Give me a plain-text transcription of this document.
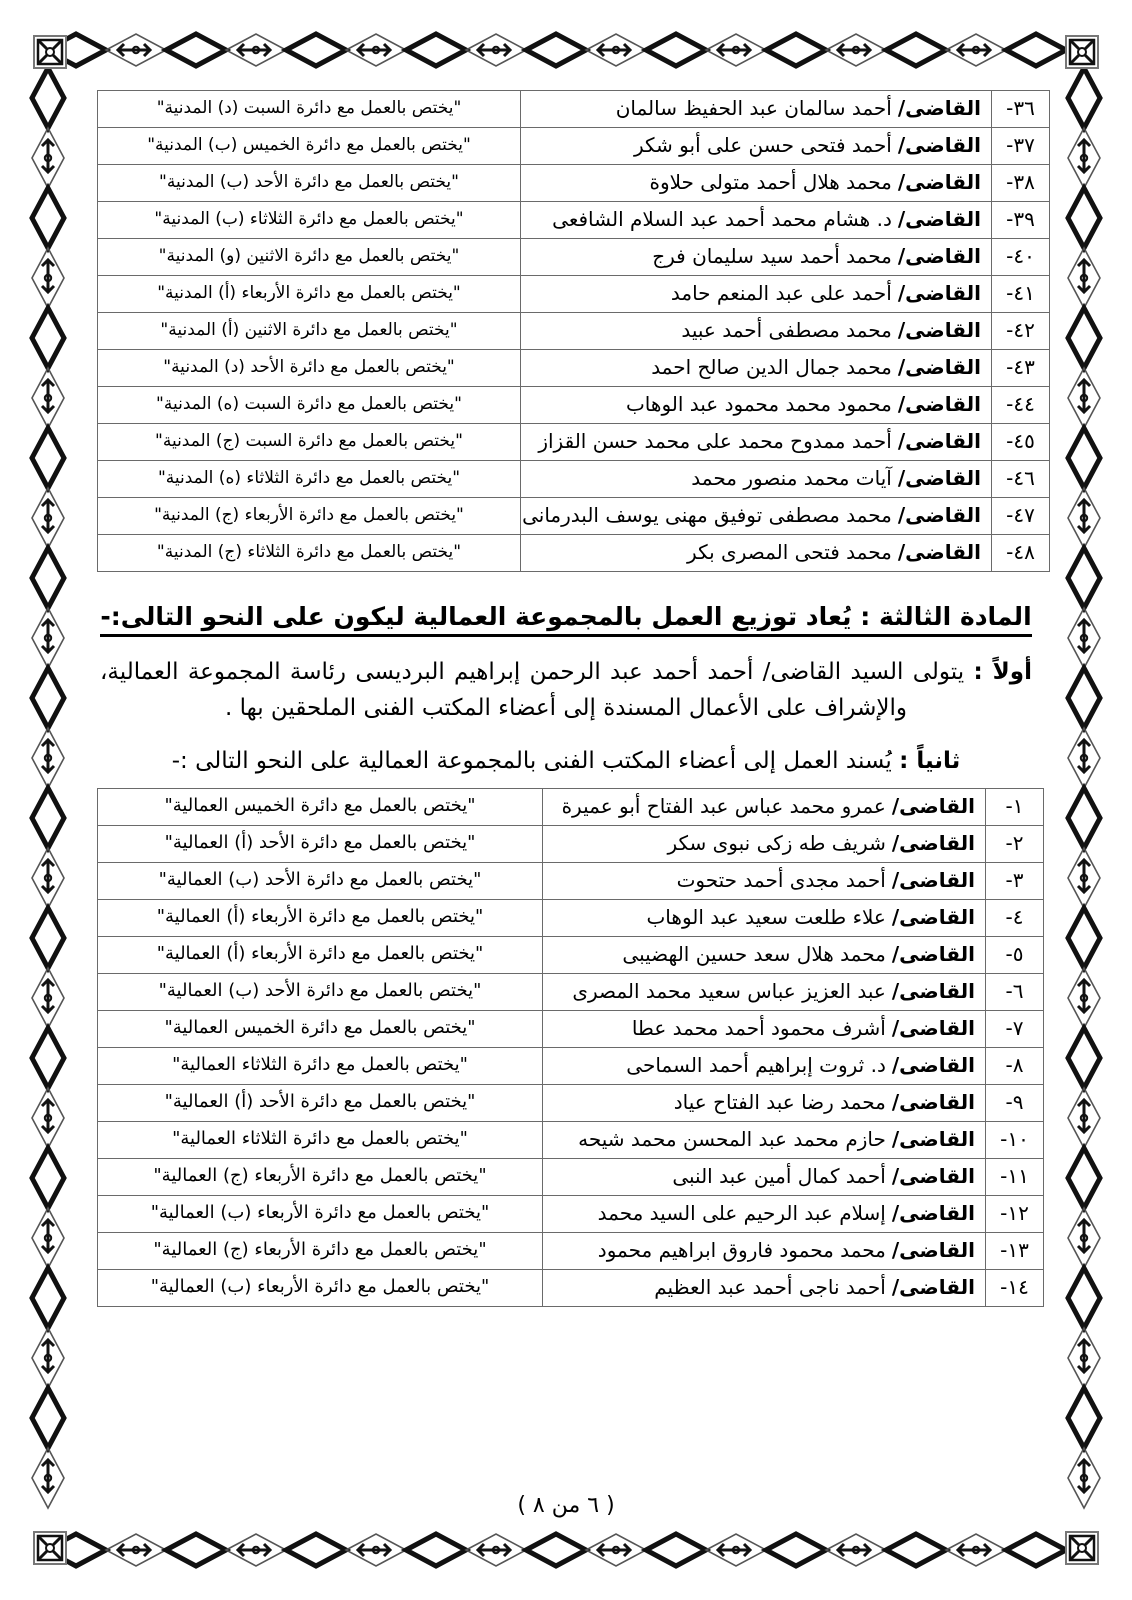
٣٦-	القاضى/أحمد سالمان عبد الحفيظ سالمان	"يختص بالعمل مع دائرة السبت (د) المدنية"
٣٧-	القاضى/أحمد فتحى حسن على أبو شكر	"يختص بالعمل مع دائرة الخميس (ب) المدنية"
٣٨-	القاضى/محمد هلال أحمد متولى حلاوة	"يختص بالعمل مع دائرة الأحد (ب) المدنية"
٣٩-	القاضى/د. هشام محمد أحمد عبد السلام الشافعى	"يختص بالعمل مع دائرة الثلاثاء (ب) المدنية"
٤٠-	القاضى/محمد أحمد سيد سليمان فرج	"يختص بالعمل مع دائرة الاثنين (و) المدنية"
٤١-	القاضى/أحمد على عبد المنعم حامد	"يختص بالعمل مع دائرة الأربعاء (أ) المدنية"
٤٢-	القاضى/محمد مصطفى أحمد عبيد	"يختص بالعمل مع دائرة الاثنين (أ) المدنية"
٤٣-	القاضى/محمد جمال الدين صالح احمد	"يختص بالعمل مع دائرة الأحد (د) المدنية"
٤٤-	القاضى/محمود محمد محمود عبد الوهاب	"يختص بالعمل مع دائرة السبت (ه) المدنية"
٤٥-	القاضى/أحمد ممدوح محمد على محمد حسن القزاز	"يختص بالعمل مع دائرة السبت (ج) المدنية"
٤٦-	القاضى/آيات محمد منصور محمد	"يختص بالعمل مع دائرة الثلاثاء (ه) المدنية"
٤٧-	القاضى/محمد مصطفى توفيق مهنى يوسف البدرمانى	"يختص بالعمل مع دائرة الأربعاء (ج) المدنية"
٤٨-	القاضى/محمد فتحى المصرى بكر	"يختص بالعمل مع دائرة الثلاثاء (ج) المدنية"
المادة الثالثة : يُعاد توزيع العمل بالمجموعة العمالية ليكون على النحو التالى:-

أولاً : يتولى السيد القاضى/ أحمد أحمد عبد الرحمن إبراهيم البرديسى رئاسة المجموعة العمالية، والإشراف على الأعمال المسندة إلى أعضاء المكتب الفنى الملحقين بها .

ثانياً : يُسند العمل إلى أعضاء المكتب الفنى بالمجموعة العمالية على النحو التالى :-

١-	القاضى/عمرو محمد عباس عبد الفتاح أبو عميرة	"يختص بالعمل مع دائرة الخميس العمالية"
٢-	القاضى/شريف طه زكى نبوى سكر	"يختص بالعمل مع دائرة الأحد (أ) العمالية"
٣-	القاضى/أحمد مجدى أحمد حتحوت	"يختص بالعمل مع دائرة الأحد (ب) العمالية"
٤-	القاضى/علاء طلعت سعيد عبد الوهاب	"يختص بالعمل مع دائرة الأربعاء (أ) العمالية"
٥-	القاضى/محمد هلال سعد حسين الهضيبى	"يختص بالعمل مع دائرة الأربعاء (أ) العمالية"
٦-	القاضى/عبد العزيز عباس سعيد محمد المصرى	"يختص بالعمل مع دائرة الأحد (ب) العمالية"
٧-	القاضى/أشرف محمود أحمد محمد عطا	"يختص بالعمل مع دائرة الخميس العمالية"
٨-	القاضى/د. ثروت إبراهيم أحمد السماحى	"يختص بالعمل مع دائرة الثلاثاء العمالية"
٩-	القاضى/محمد رضا عبد الفتاح عياد	"يختص بالعمل مع دائرة الأحد (أ) العمالية"
١٠-	القاضى/حازم محمد عبد المحسن محمد شيحه	"يختص بالعمل مع دائرة الثلاثاء العمالية"
١١-	القاضى/أحمد كمال أمين عبد النبى	"يختص بالعمل مع دائرة الأربعاء (ج) العمالية"
١٢-	القاضى/إسلام عبد الرحيم على السيد محمد	"يختص بالعمل مع دائرة الأربعاء (ب) العمالية"
١٣-	القاضى/محمد محمود فاروق ابراهيم محمود	"يختص بالعمل مع دائرة الأربعاء (ج) العمالية"
١٤-	القاضى/أحمد ناجى أحمد عبد العظيم	"يختص بالعمل مع دائرة الأربعاء (ب) العمالية"
( ٦ من ٨ )
